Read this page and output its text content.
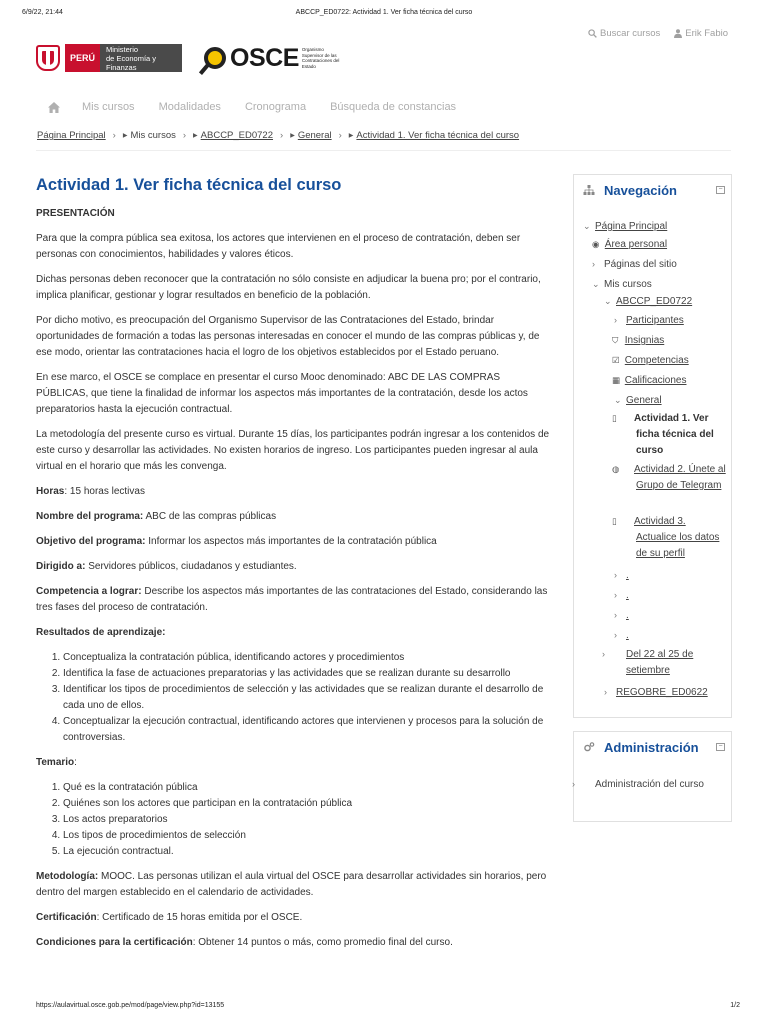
6/9/22, 21:44	ABCCP_ED0722: Actividad 1. Ver ficha técnica del curso
Buscar cursos	Erik Fabio
PERÚ
Ministerio
de Economía y Finanzas	OSCE Organismo Supervisor de las Contrataciones del Estado
Mis cursos Modalidades Cronograma Búsqueda de constancias
Página Principal › ▶ Mis cursos › ▶ ABCCP_ED0722 › ▶ General › ▶ Actividad 1. Ver ficha técnica del curso
Actividad 1. Ver ficha técnica del curso

PRESENTACIÓN

Para que la compra pública sea exitosa, los actores que intervienen en el proceso de contratación, deben ser personas con conocimientos, habilidades y valores éticos.

Dichas personas deben reconocer que la contratación no sólo consiste en adjudicar la buena pro; por el contrario, implica planificar, gestionar y lograr resultados en beneficio de la población.

Por dicho motivo, es preocupación del Organismo Supervisor de las Contrataciones del Estado, brindar oportunidades de formación a todas las personas interesadas en conocer el mundo de las compras públicas y, de ese modo, orientar las contrataciones hacia el logro de los objetivos establecidos por el Estado peruano.

En ese marco, el OSCE se complace en presentar el curso Mooc denominado: ABC DE LAS COMPRAS PÚBLICAS, que tiene la finalidad de informar los aspectos más importantes de la contratación, desde los actos preparatorios hasta la ejecución contractual.

La metodología del presente curso es virtual. Durante 15 días, los participantes podrán ingresar a los contenidos de este curso y desarrollar las actividades. No existen horarios de ingreso. Los participantes pueden ingresar al aula virtual en el horario que más les convenga.

Horas: 15 horas lectivas

Nombre del programa: ABC de las compras públicas

Objetivo del programa: Informar los aspectos más importantes de la contratación pública

Dirigido a: Servidores públicos, ciudadanos y estudiantes.

Competencia a lograr: Describe los aspectos más importantes de las contrataciones del Estado, considerando las tres fases del proceso de contratación.

Resultados de aprendizaje:

1. Conceptualiza la contratación pública, identificando actores y procedimientos
2. Identifica la fase de actuaciones preparatorias y las actividades que se realizan durante su desarrollo
3. Identificar los tipos de procedimientos de selección y las actividades que se realizan durante el desarrollo de cada uno de ellos.
4. Conceptualizar la ejecución contractual, identificando actores que intervienen y procesos para la solución de controversias.

Temario:

1. Qué es la contratación pública
2. Quiénes son los actores que participan en la contratación pública
3. Los actos preparatorios
4. Los tipos de procedimientos de selección
5. La ejecución contractual.

Metodología: MOOC. Las personas utilizan el aula virtual del OSCE para desarrollar actividades sin horarios, pero dentro del margen establecido en el calendario de actividades.

Certificación: Certificado de 15 horas emitida por el OSCE.

Condiciones para la certificación: Obtener 14 puntos o más, como promedio final del curso.

Navegación	−
⌄ Página Principal
◉ Área personal
› Páginas del sitio
⌄ Mis cursos
⌄ ABCCP_ED0722
› Participantes
⛉ Insignias
☑ Competencias
▦ Calificaciones
⌄ General
▯ Actividad 1. Ver ficha técnica del curso
◍ Actividad 2. Únete al Grupo de Telegram
▯ Actividad 3. Actualice los datos de su perfil
› .
› .
› .
› .
› Del 22 al 25 de setiembre
› REGOBRE_ED0622
Administración	−
› Administración del curso
https://aulavirtual.osce.gob.pe/mod/page/view.php?id=13155	1/2
